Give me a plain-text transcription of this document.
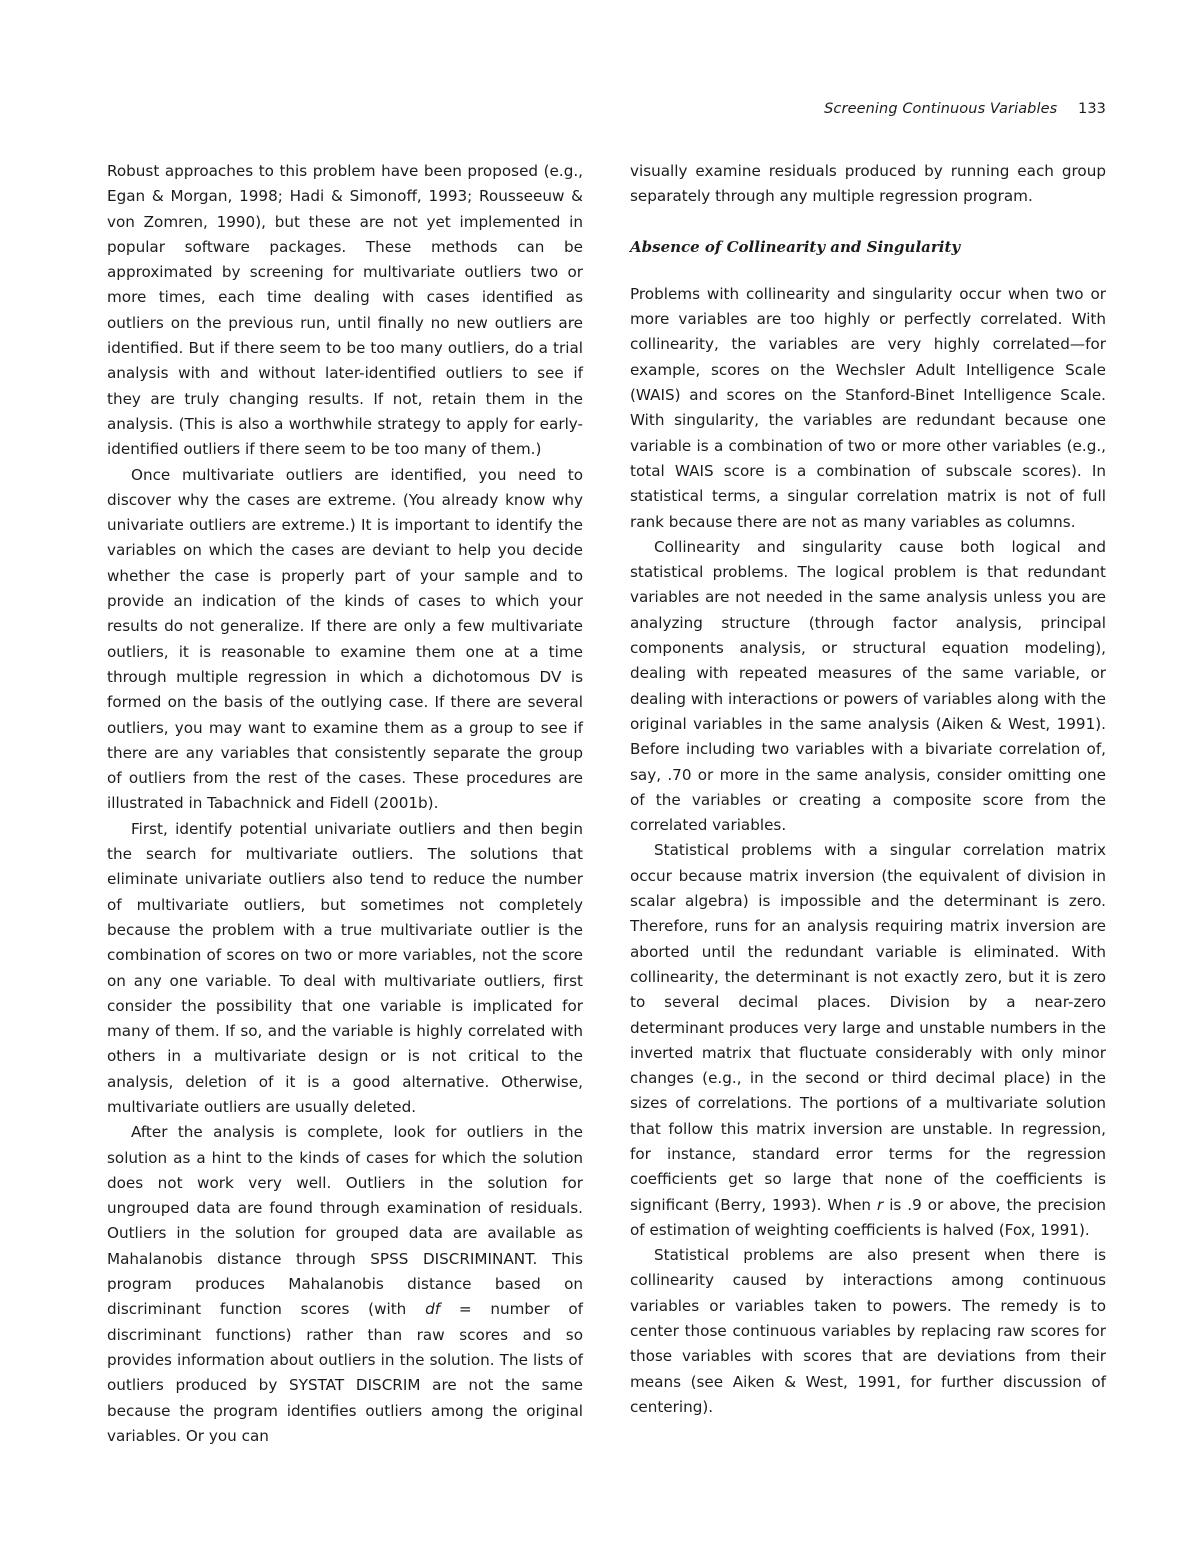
Screening Continuous Variables 133

Robust approaches to this problem have been proposed (e.g., Egan & Morgan, 1998; Hadi & Simonoff, 1993; Rousseeuw & von Zomren, 1990), but these are not yet implemented in popular software packages. These methods can be approximated by screening for multivariate outliers two or more times, each time dealing with cases identified as outliers on the previous run, until finally no new outliers are identified. But if there seem to be too many outliers, do a trial analysis with and without later-identified outliers to see if they are truly changing results. If not, retain them in the analysis. (This is also a worthwhile strategy to apply for early-identified outliers if there seem to be too many of them.)

Once multivariate outliers are identified, you need to discover why the cases are extreme. (You already know why univariate outliers are extreme.) It is important to identify the variables on which the cases are deviant to help you decide whether the case is properly part of your sample and to provide an indication of the kinds of cases to which your results do not generalize. If there are only a few multivariate outliers, it is reasonable to examine them one at a time through multiple regression in which a dichotomous DV is formed on the basis of the outlying case. If there are several outliers, you may want to examine them as a group to see if there are any variables that consistently separate the group of outliers from the rest of the cases. These procedures are illustrated in Tabachnick and Fidell (2001b).

First, identify potential univariate outliers and then begin the search for multivariate outliers. The solutions that eliminate univariate outliers also tend to reduce the number of multivariate outliers, but sometimes not completely because the problem with a true multivariate outlier is the combination of scores on two or more variables, not the score on any one variable. To deal with multivariate outliers, first consider the possibility that one variable is implicated for many of them. If so, and the variable is highly correlated with others in a multivariate design or is not critical to the analysis, deletion of it is a good alternative. Otherwise, multivariate outliers are usually deleted.

After the analysis is complete, look for outliers in the solution as a hint to the kinds of cases for which the solution does not work very well. Outliers in the solution for ungrouped data are found through examination of residuals. Outliers in the solution for grouped data are available as Mahalanobis distance through SPSS DISCRIMINANT. This program produces Mahalanobis distance based on discriminant function scores (with df = number of discriminant functions) rather than raw scores and so provides information about outliers in the solution. The lists of outliers produced by SYSTAT DISCRIM are not the same because the program identifies outliers among the original variables. Or you can

visually examine residuals produced by running each group separately through any multiple regression program.

Absence of Collinearity and Singularity

Problems with collinearity and singularity occur when two or more variables are too highly or perfectly correlated. With collinearity, the variables are very highly correlated—for example, scores on the Wechsler Adult Intelligence Scale (WAIS) and scores on the Stanford-Binet Intelligence Scale. With singularity, the variables are redundant because one variable is a combination of two or more other variables (e.g., total WAIS score is a combination of subscale scores). In statistical terms, a singular correlation matrix is not of full rank because there are not as many variables as columns.

Collinearity and singularity cause both logical and statistical problems. The logical problem is that redundant variables are not needed in the same analysis unless you are analyzing structure (through factor analysis, principal components analysis, or structural equation modeling), dealing with repeated measures of the same variable, or dealing with interactions or powers of variables along with the original variables in the same analysis (Aiken & West, 1991). Before including two variables with a bivariate correlation of, say, .70 or more in the same analysis, consider omitting one of the variables or creating a composite score from the correlated variables.

Statistical problems with a singular correlation matrix occur because matrix inversion (the equivalent of division in scalar algebra) is impossible and the determinant is zero. Therefore, runs for an analysis requiring matrix inversion are aborted until the redundant variable is eliminated. With collinearity, the determinant is not exactly zero, but it is zero to several decimal places. Division by a near-zero determinant produces very large and unstable numbers in the inverted matrix that fluctuate considerably with only minor changes (e.g., in the second or third decimal place) in the sizes of correlations. The portions of a multivariate solution that follow this matrix inversion are unstable. In regression, for instance, standard error terms for the regression coefficients get so large that none of the coefficients is significant (Berry, 1993). When r is .9 or above, the precision of estimation of weighting coefficients is halved (Fox, 1991).

Statistical problems are also present when there is collinearity caused by interactions among continuous variables or variables taken to powers. The remedy is to center those continuous variables by replacing raw scores for those variables with scores that are deviations from their means (see Aiken & West, 1991, for further discussion of centering).
